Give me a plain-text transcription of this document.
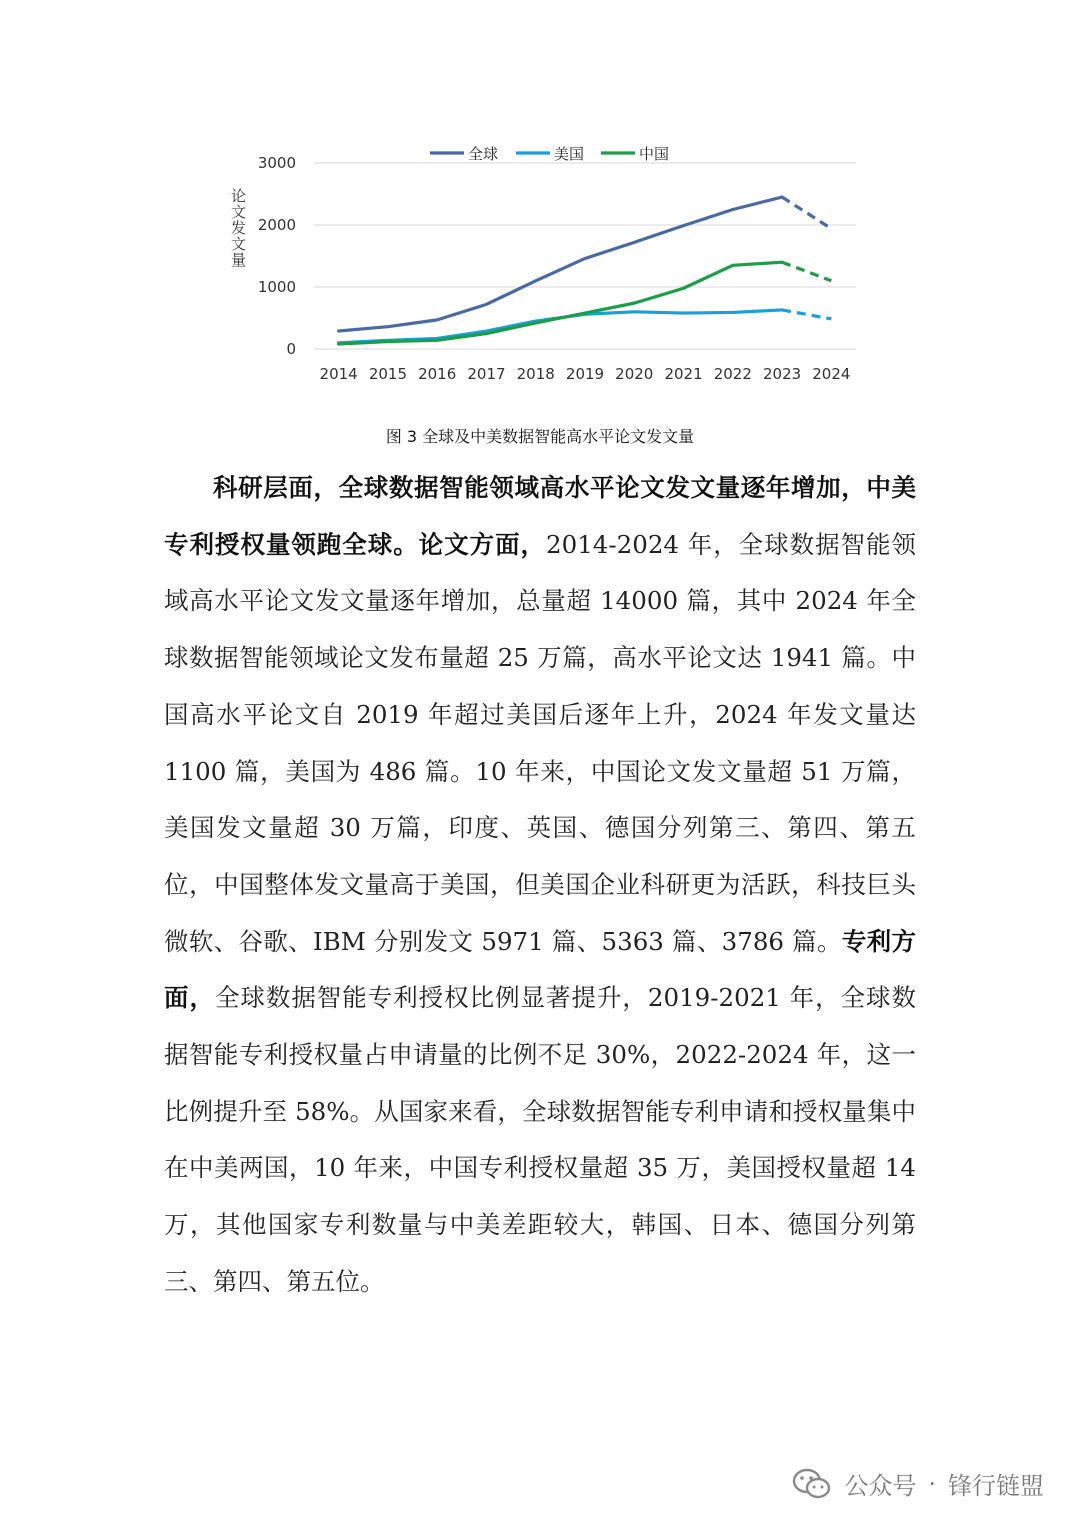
0
1000
2000
3000
2014 2015 2016 2017 2018 2019 2020 2021 2022 2023 2024
论文发文量
全球	美国	中国
图 3 全球及中美数据智能高水平论文发文量

科研层面，全球数据智能领域高水平论文发文量逐年增加，中美专利授权量领跑全球。论文方面，2014-2024 年，全球数据智能领域高水平论文发文量逐年增加，总量超 14000 篇，其中 2024 年全球数据智能领域论文发布量超 25 万篇，高水平论文达 1941 篇。中国高水平论文自 2019 年超过美国后逐年上升，2024 年发文量达 1100 篇，美国为 486 篇。10 年来，中国论文发文量超 51 万篇，美国发文量超 30 万篇，印度、英国、德国分列第三、第四、第五位，中国整体发文量高于美国，但美国企业科研更为活跃，科技巨头微软、谷歌、IBM 分别发文 5971 篇、5363 篇、3786 篇。专利方面，全球数据智能专利授权比例显著提升，2019-2021 年，全球数据智能专利授权量占申请量的比例不足 30%，2022-2024 年，这一比例提升至 58%。从国家来看，全球数据智能专利申请和授权量集中在中美两国，10 年来，中国专利授权量超 35 万，美国授权量超 14 万，其他国家专利数量与中美差距较大，韩国、日本、德国分列第三、第四、第五位。

公众号 · 锋行链盟
